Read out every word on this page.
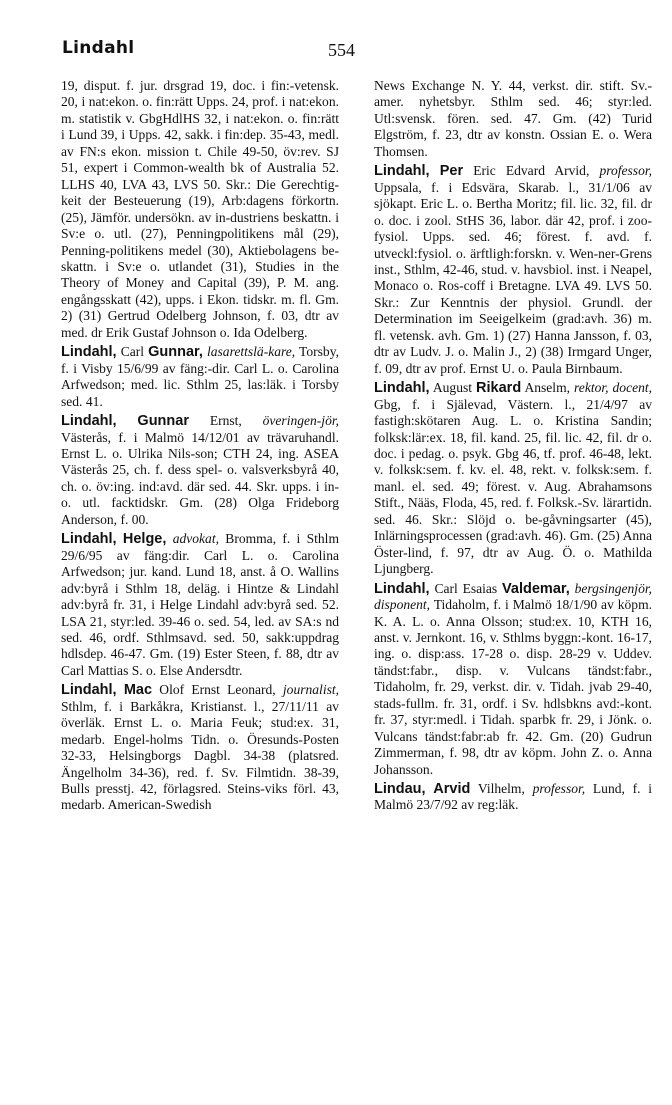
Lindahl	554

19, disput. f. jur. drsgrad 19, doc. i fin:-vetensk. 20, i nat:ekon. o. fin:rätt Upps. 24, prof. i nat:ekon. m. statistik v. GbgHdlHS 32, i nat:ekon. o. fin:rätt i Lund 39, i Upps. 42, sakk. i fin:dep. 35-43, medl. av FN:s ekon. mission t. Chile 49-50, öv:rev. SJ 51, expert i Common-wealth bk of Australia 52. LLHS 40, LVA 43, LVS 50. Skr.: Die Gerechtig-keit der Besteuerung (19), Arb:dagens förkortn. (25), Jämför. undersökn. av in-dustriens beskattn. i Sv:e o. utl. (27), Penningpolitikens mål (29), Penning-politikens medel (30), Aktiebolagens be-skattn. i Sv:e o. utlandet (31), Studies in the Theory of Money and Capital (39), P. M. ang. engångsskatt (42), upps. i Ekon. tidskr. m. fl. Gm. 2) (31) Gertrud Odelberg Johnson, f. 03, dtr av med. dr Erik Gustaf Johnson o. Ida Odelberg.

Lindahl, Carl Gunnar, lasarettslä-kare, Torsby, f. i Visby 15/6/99 av fäng:-dir. Carl L. o. Carolina Arfwedson; med. lic. Sthlm 25, las:läk. i Torsby sed. 41.

Lindahl, Gunnar Ernst, överingen-jör, Västerås, f. i Malmö 14/12/01 av trävaruhandl. Ernst L. o. Ulrika Nils-son; CTH 24, ing. ASEA Västerås 25, ch. f. dess spel- o. valsverksbyrå 40, ch. o. öv:ing. ind:avd. där sed. 44. Skr. upps. i in- o. utl. facktidskr. Gm. (28) Olga Frideborg Anderson, f. 00.

Lindahl, Helge, advokat, Bromma, f. i Sthlm 29/6/95 av fäng:dir. Carl L. o. Carolina Arfwedson; jur. kand. Lund 18, anst. å O. Wallins adv:byrå i Sthlm 18, deläg. i Hintze & Lindahl adv:byrå fr. 31, i Helge Lindahl adv:byrå sed. 52. LSA 21, styr:led. 39-46 o. sed. 54, led. av SA:s nd sed. 46, ordf. Sthlmsavd. sed. 50, sakk:uppdrag hdlsdep. 46-47. Gm. (19) Ester Steen, f. 88, dtr av Carl Mattias S. o. Else Andersdtr.

Lindahl, Mac Olof Ernst Leonard, journalist, Sthlm, f. i Barkåkra, Kristianst. l., 27/11/11 av överläk. Ernst L. o. Maria Feuk; stud:ex. 31, medarb. Engel-holms Tidn. o. Öresunds-Posten 32-33, Helsingborgs Dagbl. 34-38 (platsred. Ängelholm 34-36), red. f. Sv. Filmtidn. 38-39, Bulls presstj. 42, förlagsred. Steins-viks förl. 43, medarb. American-Swedish

News Exchange N. Y. 44, verkst. dir. stift. Sv.-amer. nyhetsbyr. Sthlm sed. 46; styr:led. Utl:svensk. fören. sed. 47. Gm. (42) Turid Elgström, f. 23, dtr av konstn. Ossian E. o. Wera Thomsen.

Lindahl, Per Eric Edvard Arvid, professor, Uppsala, f. i Edsvära, Skarab. l., 31/1/06 av sjökapt. Eric L. o. Bertha Moritz; fil. lic. 32, fil. dr o. doc. i zool. StHS 36, labor. där 42, prof. i zoo-fysiol. Upps. sed. 46; förest. f. avd. f. utveckl:fysiol. o. ärftligh:forskn. v. Wen-ner-Grens inst., Sthlm, 42-46, stud. v. havsbiol. inst. i Neapel, Monaco o. Ros-coff i Bretagne. LVA 49. LVS 50. Skr.: Zur Kenntnis der physiol. Grundl. der Determination im Seeigelkeim (grad:avh. 36) m. fl. vetensk. avh. Gm. 1) (27) Hanna Jansson, f. 03, dtr av Ludv. J. o. Malin J., 2) (38) Irmgard Unger, f. 09, dtr av prof. Ernst U. o. Paula Birnbaum.

Lindahl, August Rikard Anselm, rektor, docent, Gbg, f. i Själevad, Västern. l., 21/4/97 av fastigh:skötaren Aug. L. o. Kristina Sandin; folksk:lär:ex. 18, fil. kand. 25, fil. lic. 42, fil. dr o. doc. i pedag. o. psyk. Gbg 46, tf. prof. 46-48, lekt. v. folksk:sem. f. kv. el. 48, rekt. v. folksk:sem. f. manl. el. sed. 49; förest. v. Aug. Abrahamsons Stift., Nääs, Floda, 45, red. f. Folksk.-Sv. lärartidn. sed. 46. Skr.: Slöjd o. be-gåvningsarter (45), Inlärningsprocessen (grad:avh. 46). Gm. (25) Anna Öster-lind, f. 97, dtr av Aug. Ö. o. Mathilda Ljungberg.

Lindahl, Carl Esaias Valdemar, bergsingenjör, disponent, Tidaholm, f. i Malmö 18/1/90 av köpm. K. A. L. o. Anna Olsson; stud:ex. 10, KTH 16, anst. v. Jernkont. 16, v. Sthlms byggn:-kont. 16-17, ing. o. disp:ass. 17-28 o. disp. 28-29 v. Uddev. tändst:fabr., disp. v. Vulcans tändst:fabr., Tidaholm, fr. 29, verkst. dir. v. Tidah. jvab 29-40, stads-fullm. fr. 31, ordf. i Sv. hdlsbkns avd:-kont. fr. 37, styr:medl. i Tidah. sparbk fr. 29, i Jönk. o. Vulcans tändst:fabr:ab fr. 42. Gm. (20) Gudrun Zimmerman, f. 98, dtr av köpm. John Z. o. Anna Johansson.

Lindau, Arvid Vilhelm, professor, Lund, f. i Malmö 23/7/92 av reg:läk.
